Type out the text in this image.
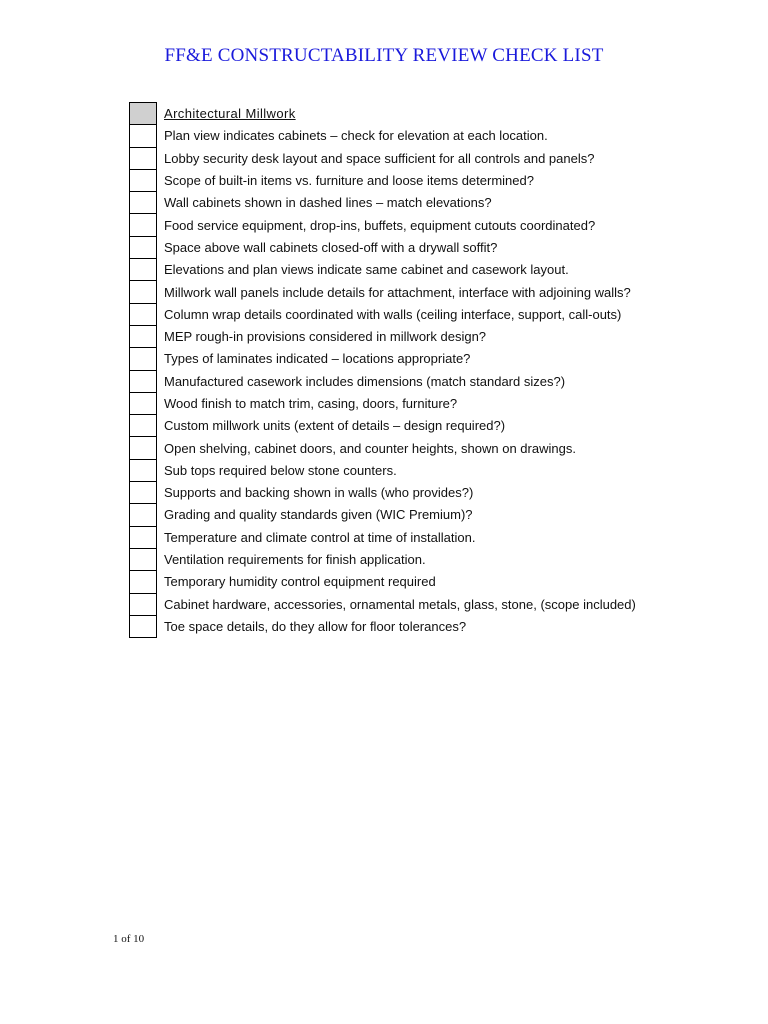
FF&E CONSTRUCTABILITY REVIEW CHECK LIST
	Architectural Millwork
	Plan view indicates cabinets – check for elevation at each location.
	Lobby security desk layout and space sufficient for all controls and panels?
	Scope of built-in items vs. furniture and loose items determined?
	Wall cabinets shown in dashed lines – match elevations?
	Food service equipment, drop-ins, buffets, equipment cutouts coordinated?
	Space above wall cabinets closed-off with a drywall soffit?
	Elevations and plan views indicate same cabinet and casework layout.
	Millwork wall panels include details for attachment, interface with adjoining walls?
	Column wrap details coordinated with walls (ceiling interface, support, call-outs)
	MEP rough-in provisions considered in millwork design?
	Types of laminates indicated – locations appropriate?
	Manufactured casework includes dimensions (match standard sizes?)
	Wood finish to match trim, casing, doors, furniture?
	Custom millwork units (extent of details – design required?)
	Open shelving, cabinet doors, and counter heights, shown on drawings.
	Sub tops required below stone counters.
	Supports and backing shown in walls (who provides?)
	Grading and quality standards given (WIC Premium)?
	Temperature and climate control at time of installation.
	Ventilation requirements for finish application.
	Temporary humidity control equipment required
	Cabinet hardware, accessories, ornamental metals, glass, stone, (scope included)
	Toe space details, do they allow for floor tolerances?
1 of 10
